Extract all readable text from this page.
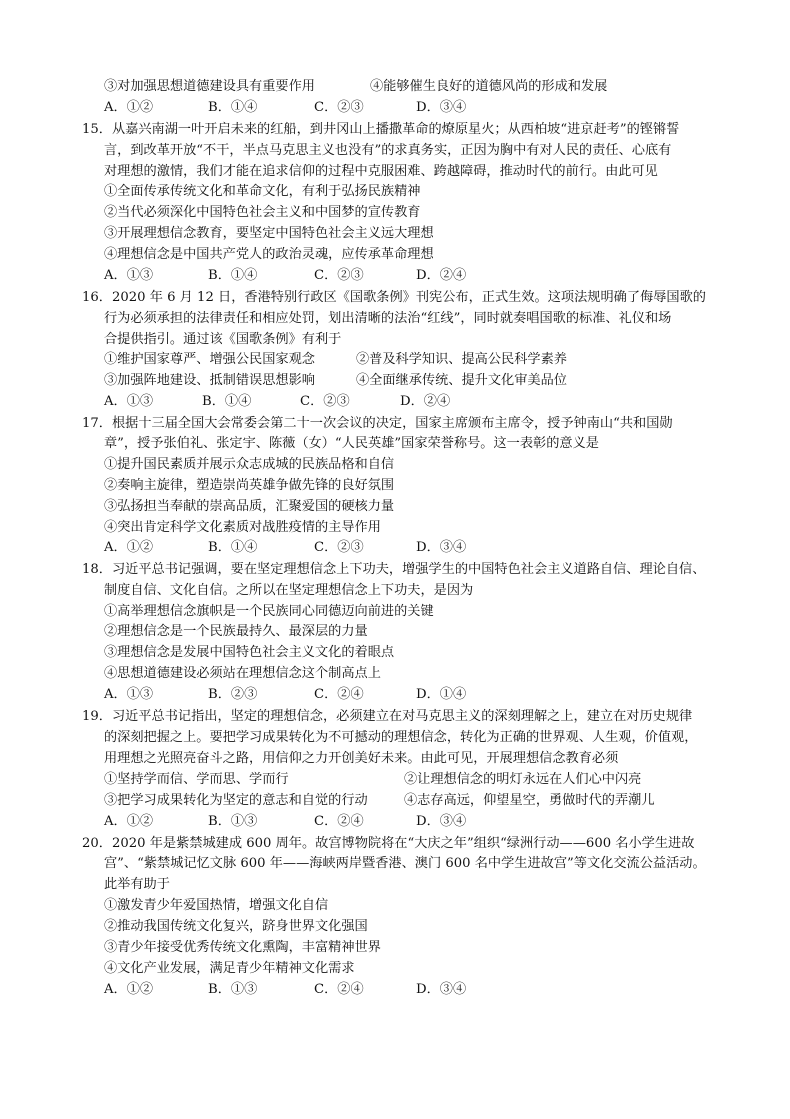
③对加强思想道德建设具有重要作用	④能够催生良好的道德风尚的形成和发展
A．①②	B．①④	C．②③	D．③④
15．从嘉兴南湖一叶开启未来的红船，到井冈山上播撒革命的燎原星火；从西柏坡“进京赶考”的铿锵誓
言，到改革开放“不干，半点马克思主义也没有”的求真务实，正因为胸中有对人民的责任、心底有
对理想的激情，我们才能在追求信仰的过程中克服困难、跨越障碍，推动时代的前行。由此可见
①全面传承传统文化和革命文化，有利于弘扬民族精神
②当代必须深化中国特色社会主义和中国梦的宣传教育
③开展理想信念教育，要坚定中国特色社会主义远大理想
④理想信念是中国共产党人的政治灵魂，应传承革命理想
A．①③	B．①④	C．②③	D．②④
16．2020 年 6 月 12 日，香港特别行政区《国歌条例》刊宪公布，正式生效。这项法规明确了侮辱国歌的
行为必须承担的法律责任和相应处罚，划出清晰的法治“红线”，同时就奏唱国歌的标准、礼仪和场
合提供指引。通过该《国歌条例》有利于
①维护国家尊严、增强公民国家观念	②普及科学知识、提高公民科学素养
③加强阵地建设、抵制错误思想影响	④全面继承传统、提升文化审美品位
A．①③	B．①④	C．②③	D．②④
17．根据十三届全国大会常委会第二十一次会议的决定，国家主席颁布主席令，授予钟南山“共和国勋
章”，授予张伯礼、张定宇、陈薇（女）“人民英雄”国家荣誉称号。这一表彰的意义是
①提升国民素质并展示众志成城的民族品格和自信
②奏响主旋律，塑造崇尚英雄争做先锋的良好氛围
③弘扬担当奉献的崇高品质，汇聚爱国的硬核力量
④突出肯定科学文化素质对战胜疫情的主导作用
A．①②	B．①④	C．②③	D．③④
18．习近平总书记强调，要在坚定理想信念上下功夫，增强学生的中国特色社会主义道路自信、理论自信、
制度自信、文化自信。之所以在坚定理想信念上下功夫，是因为
①高举理想信念旗帜是一个民族同心同德迈向前进的关键
②理想信念是一个民族最持久、最深层的力量
③理想信念是发展中国特色社会主义文化的着眼点
④思想道德建设必须站在理想信念这个制高点上
A．①③	B．②③	C．②④	D．①④
19．习近平总书记指出，坚定的理想信念，必须建立在对马克思主义的深刻理解之上，建立在对历史规律
的深刻把握之上。要把学习成果转化为不可撼动的理想信念，转化为正确的世界观、人生观，价值观，
用理想之光照亮奋斗之路，用信仰之力开创美好未来。由此可见，开展理想信念教育必须
①坚持学而信、学而思、学而行	②让理想信念的明灯永远在人们心中闪亮
③把学习成果转化为坚定的意志和自觉的行动	④志存高远，仰望星空，勇做时代的弄潮儿
A．①②	B．①③	C．②④	D．③④
20．2020 年是紫禁城建成 600 周年。故宫博物院将在“大庆之年”组织“绿洲行动——600 名小学生进故
宫”、“紫禁城记忆文脉 600 年——海峡两岸暨香港、澳门 600 名中学生进故宫”等文化交流公益活动。
此举有助于
①激发青少年爱国热情，增强文化自信
②推动我国传统文化复兴，跻身世界文化强国
③青少年接受优秀传统文化熏陶，丰富精神世界
④文化产业发展，满足青少年精神文化需求
A．①②	B．①③	C．②④	D．③④
